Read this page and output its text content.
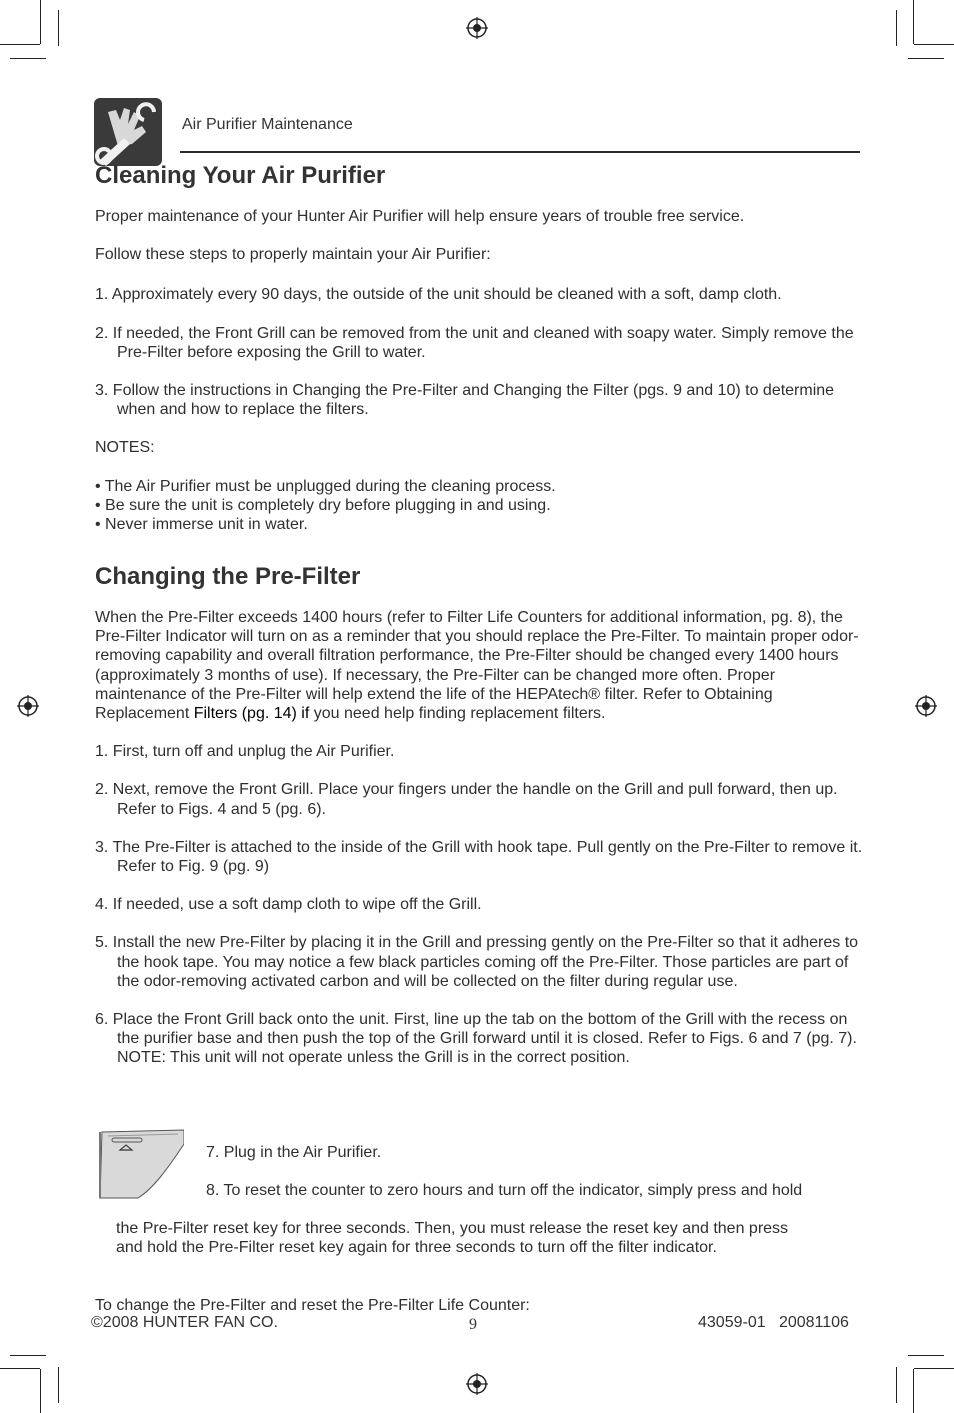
Air Purifier Maintenance
Cleaning Your Air Purifier

Proper maintenance of your Hunter Air Purifier will help ensure years of trouble free service.

Follow these steps to properly maintain your Air Purifier:

1. Approximately every 90 days, the outside of the unit should be cleaned with a soft, damp cloth.

2. If needed, the Front Grill can be removed from the unit and cleaned with soapy water. Simply remove the Pre-Filter before exposing the Grill to water.

3. Follow the instructions in Changing the Pre-Filter and Changing the Filter (pgs. 9 and 10) to determine when and how to replace the filters.

NOTES:

• The Air Purifier must be unplugged during the cleaning process.

• Be sure the unit is completely dry before plugging in and using.

• Never immerse unit in water.

Changing the Pre-Filter

When the Pre-Filter exceeds 1400 hours (refer to Filter Life Counters for additional information, pg. 8), the Pre-Filter Indicator will turn on as a reminder that you should replace the Pre-Filter. To maintain proper odor-removing capability and overall filtration performance, the Pre-Filter should be changed every 1400 hours (approximately 3 months of use). If necessary, the Pre-Filter can be changed more often. Proper maintenance of the Pre-Filter will help extend the life of the HEPAtech® filter. Refer to Obtaining Replacement Filters (pg. 14) if you need help finding replacement filters.

1. First, turn off and unplug the Air Purifier.

2. Next, remove the Front Grill. Place your fingers under the handle on the Grill and pull forward, then up. Refer to Figs. 4 and 5 (pg. 6).

3. The Pre-Filter is attached to the inside of the Grill with hook tape. Pull gently on the Pre-Filter to remove it. Refer to Fig. 9 (pg. 9)

4. If needed, use a soft damp cloth to wipe off the Grill.

5. Install the new Pre-Filter by placing it in the Grill and pressing gently on the Pre-Filter so that it adheres to the hook tape. You may notice a few black particles coming off the Pre-Filter. Those particles are part of the odor-removing activated carbon and will be collected on the filter during regular use.

6. Place the Front Grill back onto the unit. First, line up the tab on the bottom of the Grill with the recess on the purifier base and then push the top of the Grill forward until it is closed. Refer to Figs. 6 and 7 (pg. 7). NOTE: This unit will not operate unless the Grill is in the correct position.

7. Plug in the Air Purifier.

8. To reset the counter to zero hours and turn off the indicator, simply press and hold

the Pre-Filter reset key for three seconds. Then, you must release the reset key and then press and hold the Pre-Filter reset key again for three seconds to turn off the filter indicator.

To change the Pre-Filter and reset the Pre-Filter Life Counter:

©2008 HUNTER FAN CO.	9	43059-01   20081106
